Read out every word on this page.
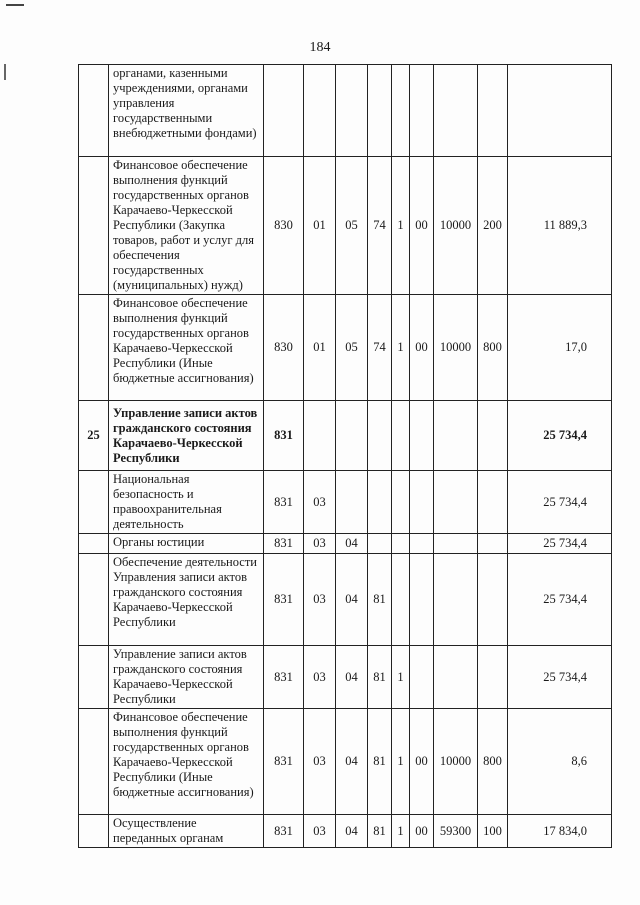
184
	органами, казенными учреждениями, органами управления государственными внебюджетными фондами)									
	Финансовое обеспечение выполнения функций государственных органов Карачаево-Черкесской Республики (Закупка товаров, работ и услуг для обеспечения государственных (муниципальных) нужд)	830	01	05	74	1	00	10000	200	11 889,3
	Финансовое обеспечение выполнения функций государственных органов Карачаево-Черкесской Республики (Иные бюджетные ассигнования)	830	01	05	74	1	00	10000	800	17,0
25	Управление записи актов гражданского состояния Карачаево-Черкесской Республики	831								25 734,4
	Национальная безопасность и правоохранительная деятельность	831	03							25 734,4
	Органы юстиции	831	03	04						25 734,4
	Обеспечение деятельности Управления записи актов гражданского состояния Карачаево-Черкесской Республики	831	03	04	81					25 734,4
	Управление записи актов гражданского состояния Карачаево-Черкесской Республики	831	03	04	81	1				25 734,4
	Финансовое обеспечение выполнения функций государственных органов Карачаево-Черкесской Республики (Иные бюджетные ассигнования)	831	03	04	81	1	00	10000	800	8,6
	Осуществление переданных органам	831	03	04	81	1	00	59300	100	17 834,0
